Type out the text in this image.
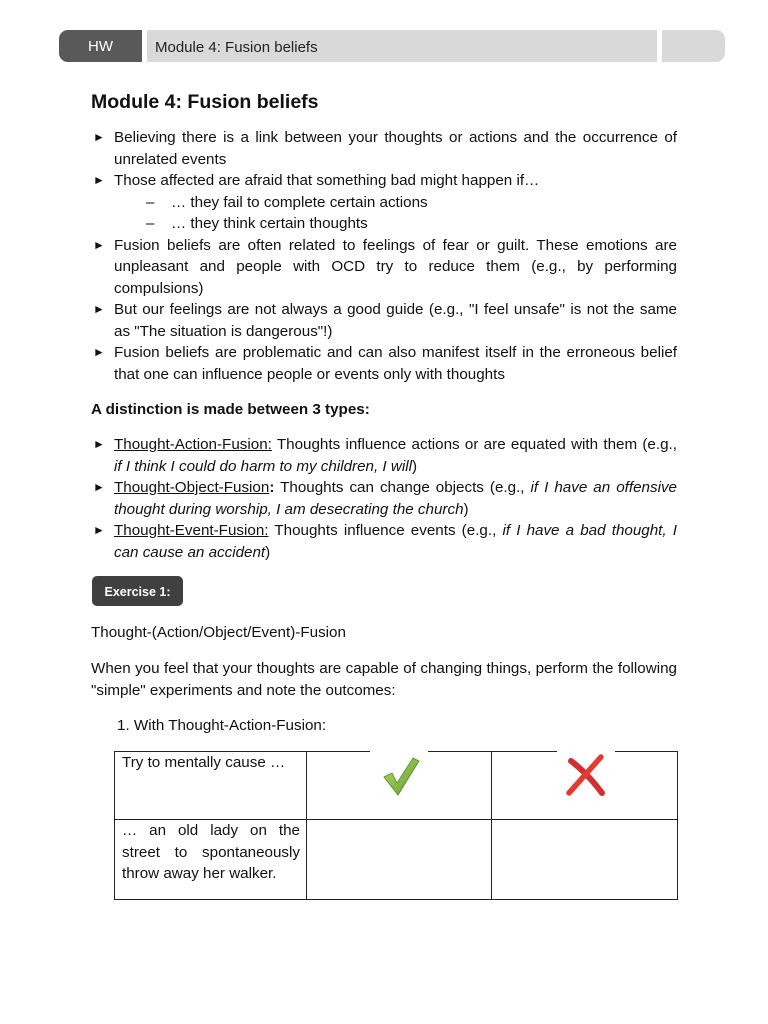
HW	Module 4: Fusion beliefs
Module 4: Fusion beliefs
► Believing there is a link between your thoughts or actions and the occurrence of unrelated events
► Those affected are afraid that something bad might happen if…
– … they fail to complete certain actions
– … they think certain thoughts
► Fusion beliefs are often related to feelings of fear or guilt. These emotions are unpleasant and people with OCD try to reduce them (e.g., by performing compulsions)
► But our feelings are not always a good guide (e.g., "I feel unsafe" is not the same as "The situation is dangerous"!)
► Fusion beliefs are problematic and can also manifest itself in the erroneous belief that one can influence people or events only with thoughts
A distinction is made between 3 types:
► Thought-Action-Fusion: Thoughts influence actions or are equated with them (e.g., if I think I could do harm to my children, I will)
► Thought-Object-Fusion: Thoughts can change objects (e.g., if I have an offensive thought during worship, I am desecrating the church)
► Thought-Event-Fusion: Thoughts influence events (e.g., if I have a bad thought, I can cause an accident)
Exercise 1:
Thought-(Action/Object/Event)-Fusion
When you feel that your thoughts are capable of changing things, perform the following "simple" experiments and note the outcomes:
1. With Thought-Action-Fusion:
Try to mentally cause …		
… an old lady on the street to spontaneously throw away her walker.		
